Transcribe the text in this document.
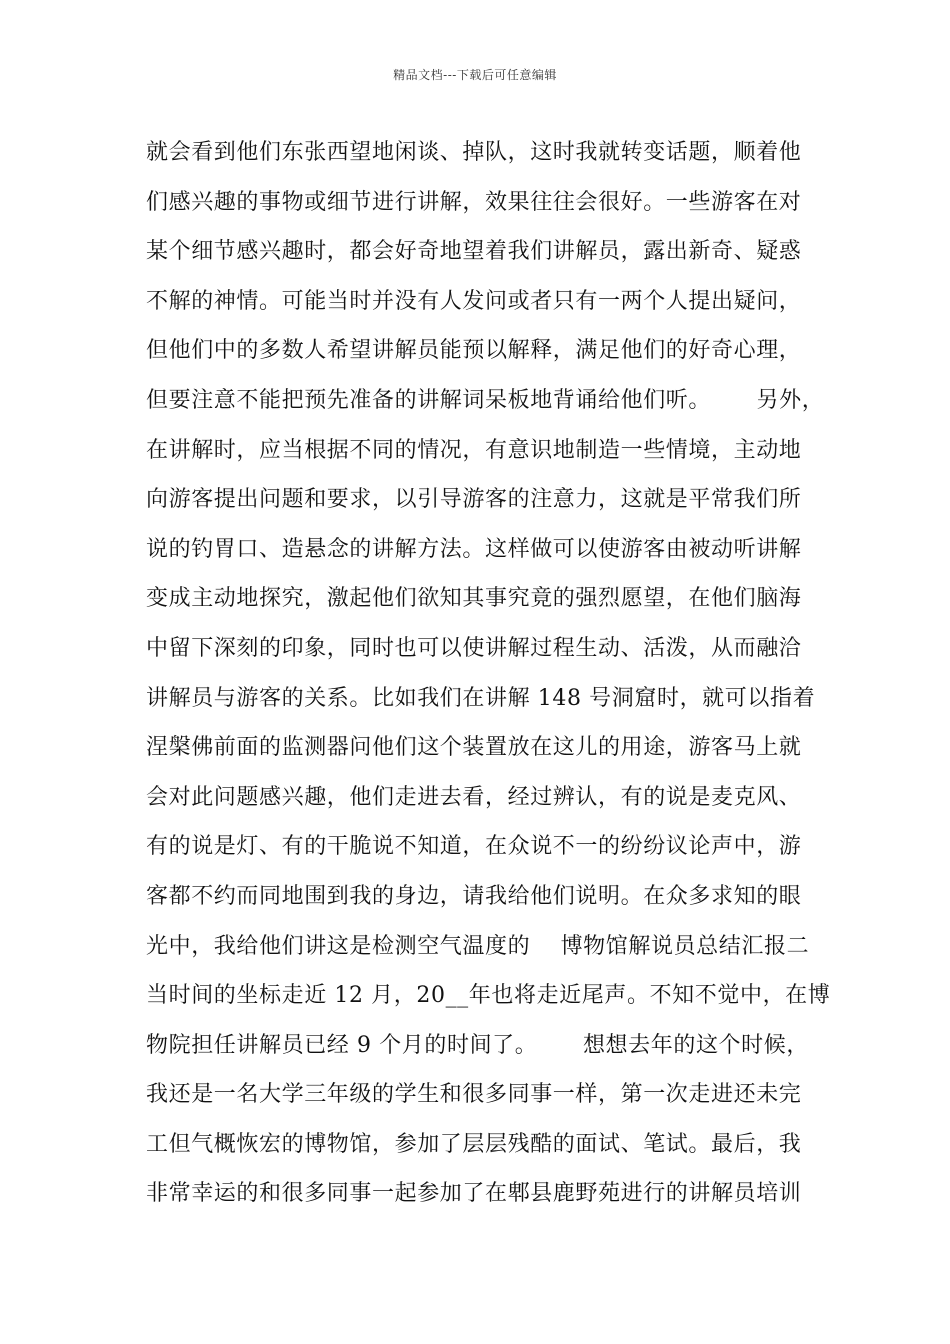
精品文档---下载后可任意编辑
就会看到他们东张西望地闲谈、掉队，这时我就转变话题，顺着他
们感兴趣的事物或细节进行讲解，效果往往会很好。一些游客在对
某个细节感兴趣时，都会好奇地望着我们讲解员，露出新奇、疑惑
不解的神情。可能当时并没有人发问或者只有一两个人提出疑问，
但他们中的多数人希望讲解员能预以解释，满足他们的好奇心理，
但要注意不能把预先准备的讲解词呆板地背诵给他们听。      另外，
在讲解时，应当根据不同的情况，有意识地制造一些情境，主动地
向游客提出问题和要求，以引导游客的注意力，这就是平常我们所
说的钓胃口、造悬念的讲解方法。这样做可以使游客由被动听讲解
变成主动地探究，激起他们欲知其事究竟的强烈愿望，在他们脑海
中留下深刻的印象，同时也可以使讲解过程生动、活泼，从而融洽
讲解员与游客的关系。比如我们在讲解 148 号洞窟时，就可以指着
涅槃佛前面的监测器问他们这个装置放在这儿的用途，游客马上就
会对此问题感兴趣，他们走进去看，经过辨认，有的说是麦克风、
有的说是灯、有的干脆说不知道，在众说不一的纷纷议论声中，游
客都不约而同地围到我的身边，请我给他们说明。在众多求知的眼
光中，我给他们讲这是检测空气温度的    博物馆解说员总结汇报二
当时间的坐标走近 12 月，20__年也将走近尾声。不知不觉中，在博
物院担任讲解员已经 9 个月的时间了。      想想去年的这个时候，
我还是一名大学三年级的学生和很多同事一样，第一次走进还未完
工但气概恢宏的博物馆，参加了层层残酷的面试、笔试。最后，我
非常幸运的和很多同事一起参加了在郫县鹿野苑进行的讲解员培训
